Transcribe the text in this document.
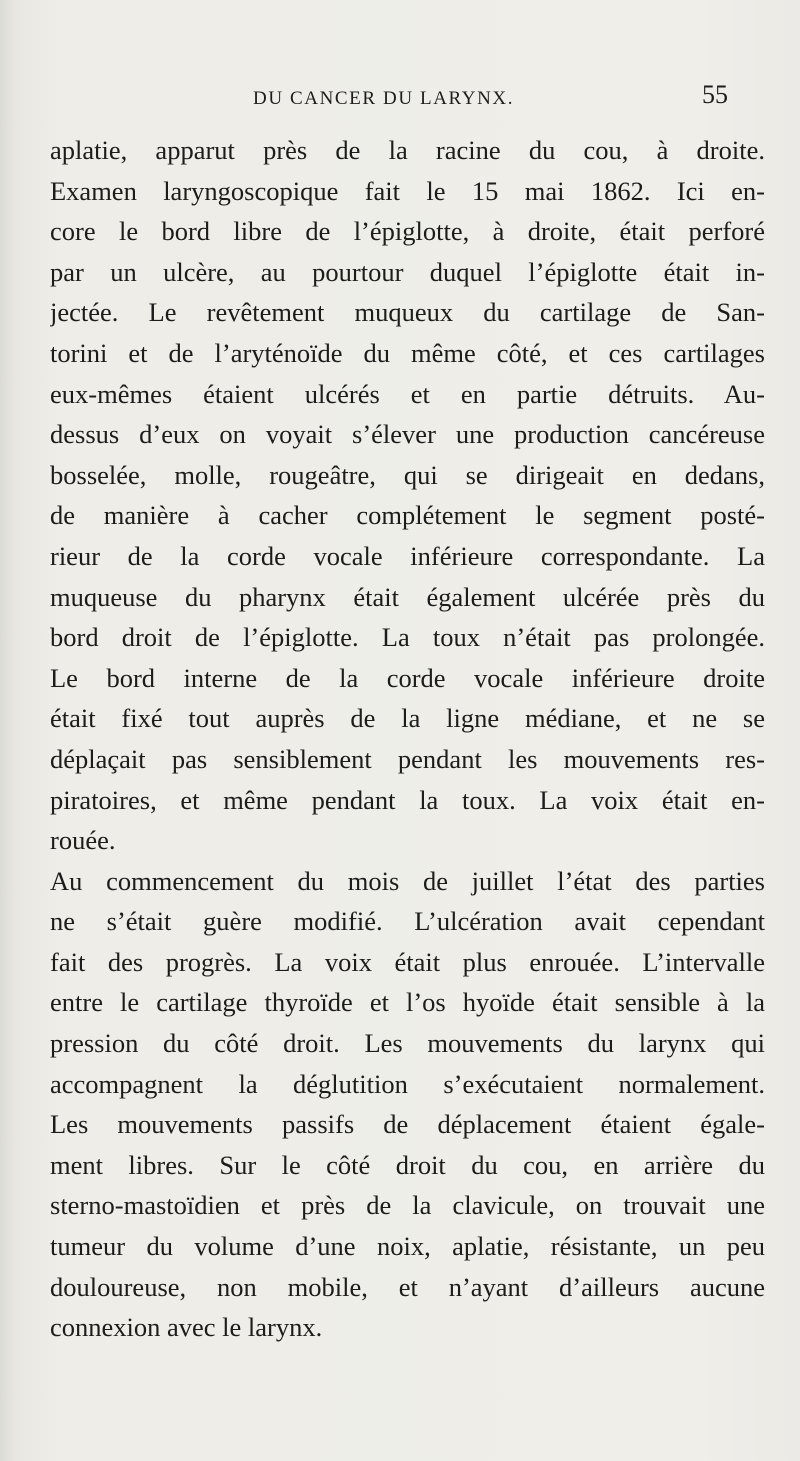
DU CANCER DU LARYNX.	55
aplatie, apparut près de la racine du cou, à droite.
Examen laryngoscopique fait le 15 mai 1862. Ici en-
core le bord libre de l’épiglotte, à droite, était perforé
par un ulcère, au pourtour duquel l’épiglotte était in-
jectée. Le revêtement muqueux du cartilage de San-
torini et de l’aryténoïde du même côté, et ces cartilages
eux-mêmes étaient ulcérés et en partie détruits. Au-
dessus d’eux on voyait s’élever une production cancéreuse
bosselée, molle, rougeâtre, qui se dirigeait en dedans,
de manière à cacher complétement le segment posté-
rieur de la corde vocale inférieure correspondante. La
muqueuse du pharynx était également ulcérée près du
bord droit de l’épiglotte. La toux n’était pas prolongée.
Le bord interne de la corde vocale inférieure droite
était fixé tout auprès de la ligne médiane, et ne se
déplaçait pas sensiblement pendant les mouvements res-
piratoires, et même pendant la toux. La voix était en-
rouée.
Au commencement du mois de juillet l’état des parties
ne s’était guère modifié. L’ulcération avait cependant
fait des progrès. La voix était plus enrouée. L’intervalle
entre le cartilage thyroïde et l’os hyoïde était sensible à la
pression du côté droit. Les mouvements du larynx qui
accompagnent la déglutition s’exécutaient normalement.
Les mouvements passifs de déplacement étaient égale-
ment libres. Sur le côté droit du cou, en arrière du
sterno-mastoïdien et près de la clavicule, on trouvait une
tumeur du volume d’une noix, aplatie, résistante, un peu
douloureuse, non mobile, et n’ayant d’ailleurs aucune
connexion avec le larynx.
